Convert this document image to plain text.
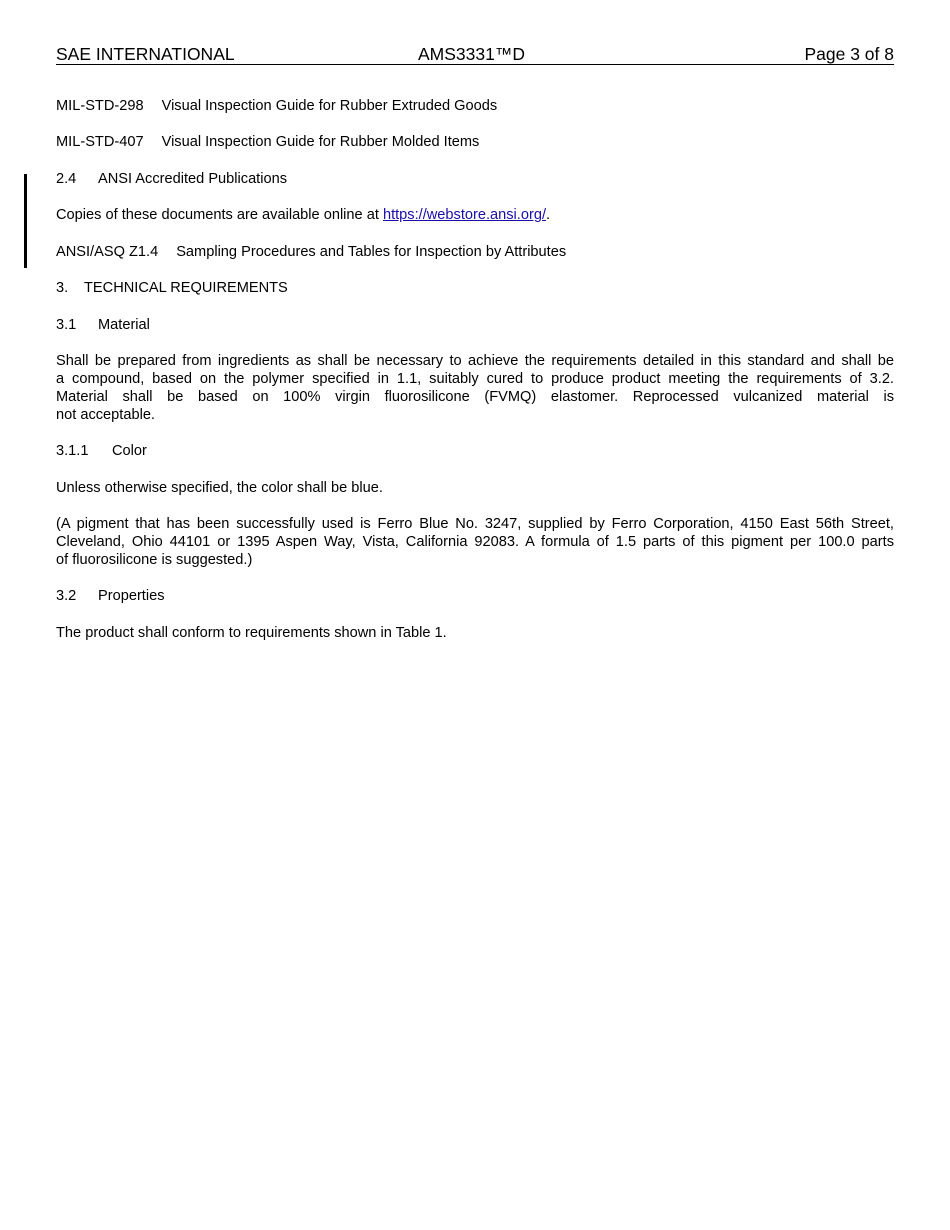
SAE INTERNATIONAL	AMS3331™D	Page 3 of 8
MIL-STD-298 Visual Inspection Guide for Rubber Extruded Goods
MIL-STD-407 Visual Inspection Guide for Rubber Molded Items
2.4 ANSI Accredited Publications
Copies of these documents are available online at https://webstore.ansi.org/.
ANSI/ASQ Z1.4 Sampling Procedures and Tables for Inspection by Attributes
3. TECHNICAL REQUIREMENTS
3.1 Material
Shall be prepared from ingredients as shall be necessary to achieve the requirements detailed in this standard and shall be
a compound, based on the polymer specified in 1.1, suitably cured to produce product meeting the requirements of 3.2.
Material shall be based on 100% virgin fluorosilicone (FVMQ) elastomer. Reprocessed vulcanized material is
not acceptable.
3.1.1 Color
Unless otherwise specified, the color shall be blue.
(A pigment that has been successfully used is Ferro Blue No. 3247, supplied by Ferro Corporation, 4150 East 56th Street,
Cleveland, Ohio 44101 or 1395 Aspen Way, Vista, California 92083. A formula of 1.5 parts of this pigment per 100.0 parts
of fluorosilicone is suggested.)
3.2 Properties
The product shall conform to requirements shown in Table 1.
